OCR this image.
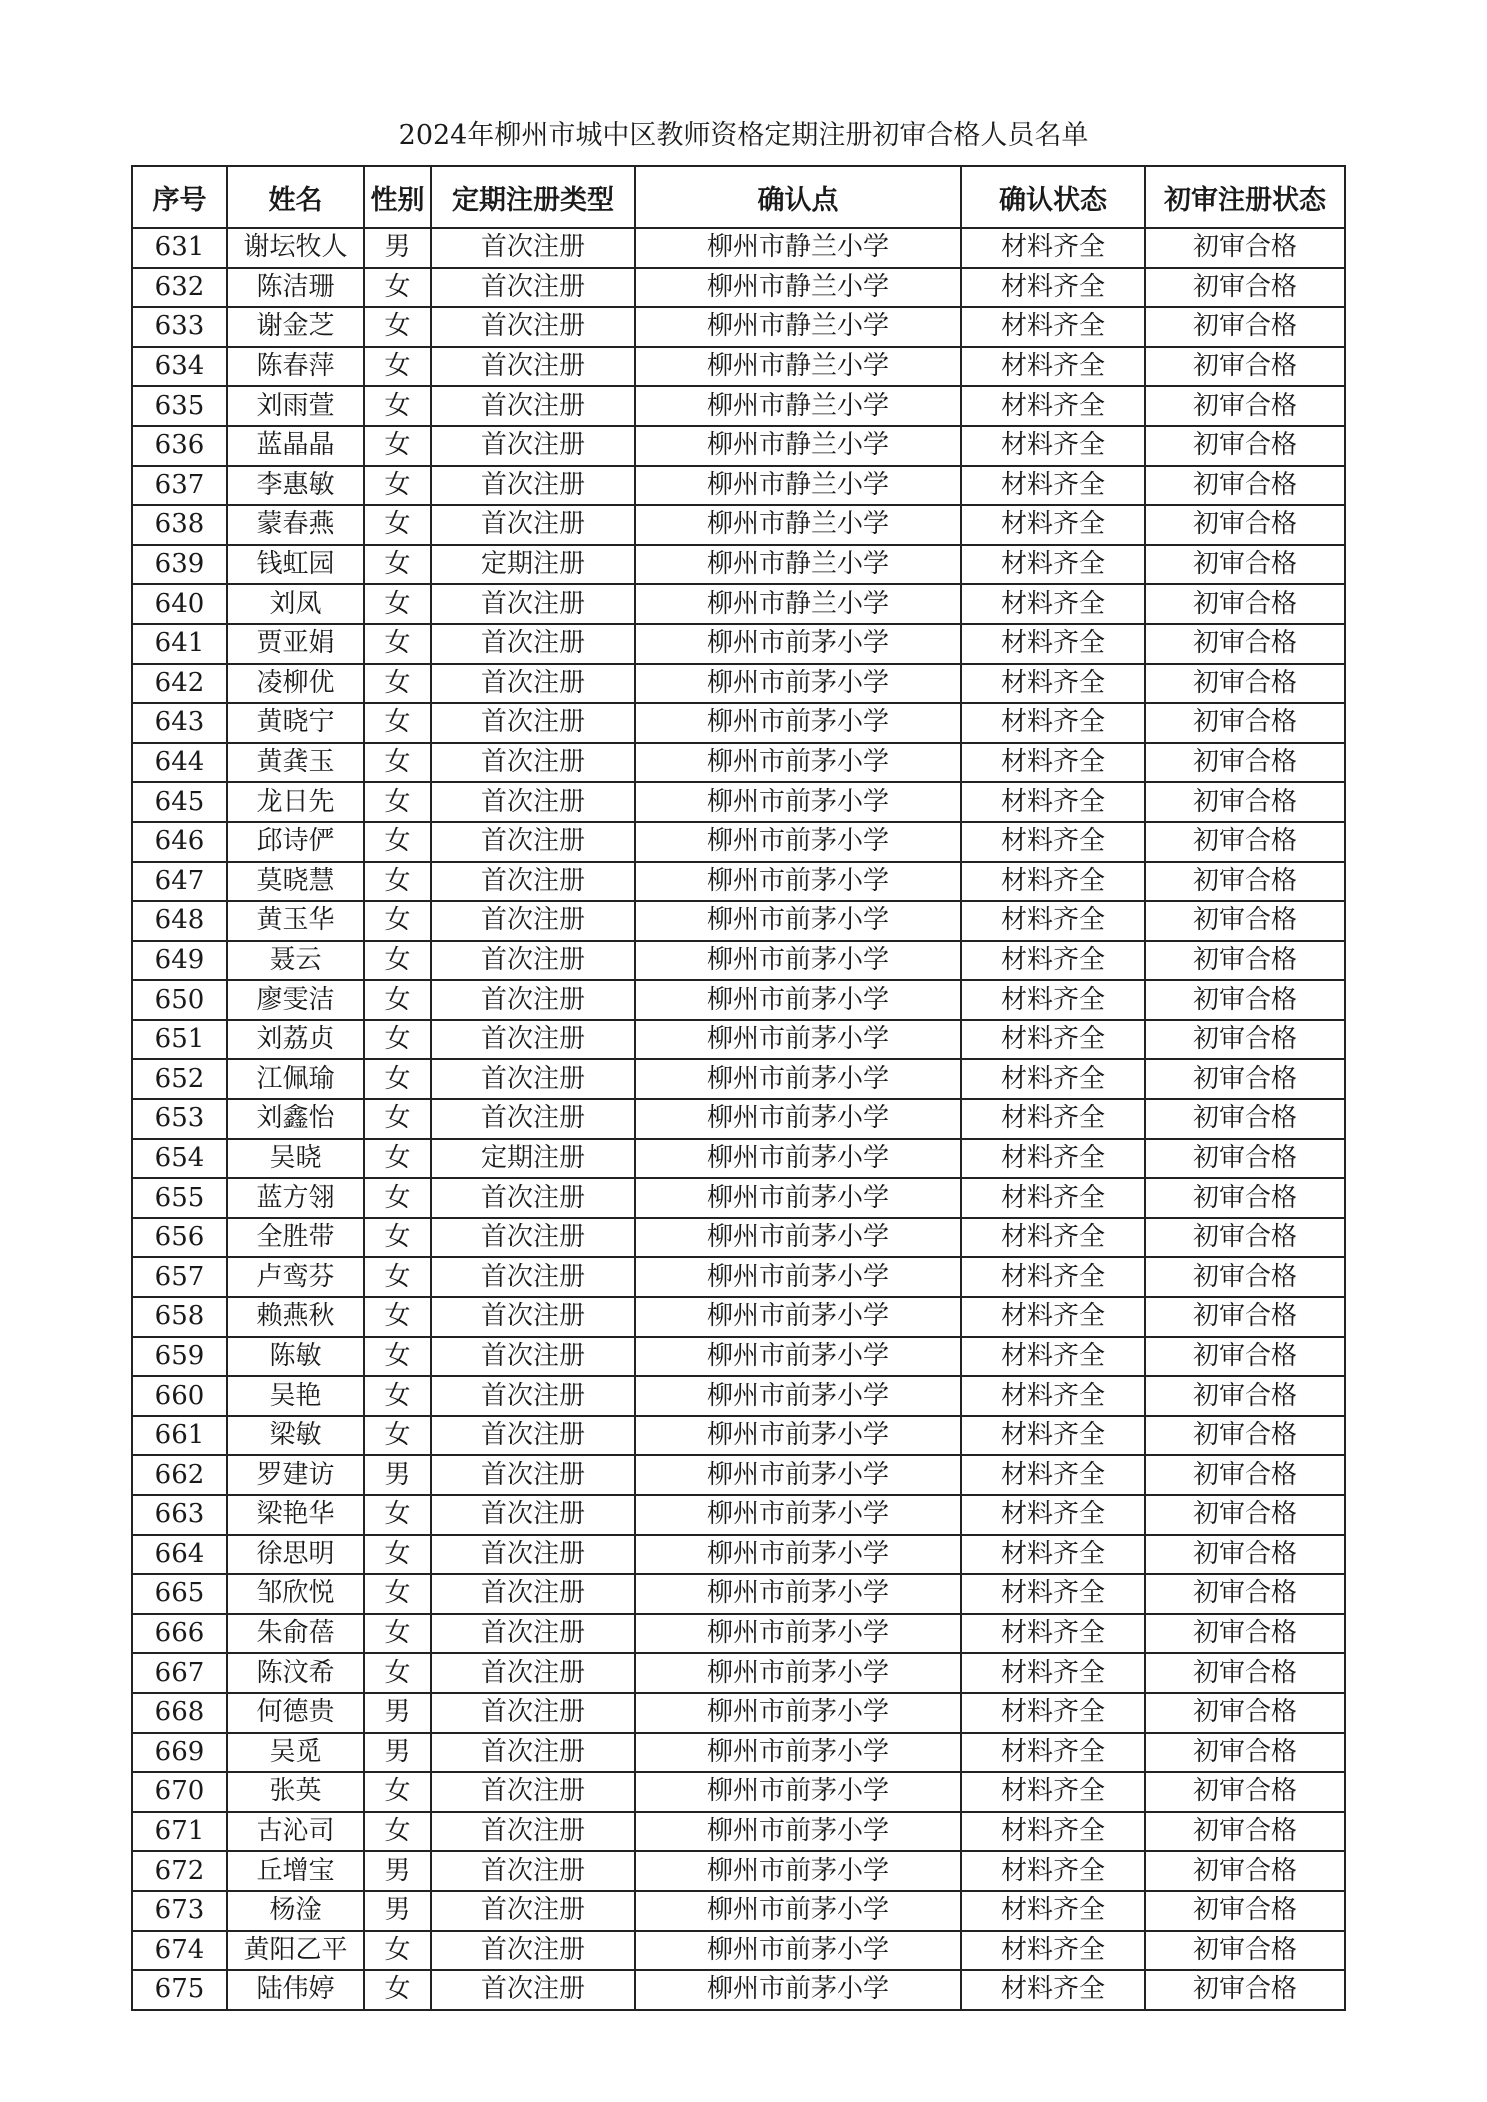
2024年柳州市城中区教师资格定期注册初审合格人员名单
序号	姓名	性别	定期注册类型	确认点	确认状态	初审注册状态
631	谢坛牧人	男	首次注册	柳州市静兰小学	材料齐全	初审合格
632	陈洁珊	女	首次注册	柳州市静兰小学	材料齐全	初审合格
633	谢金芝	女	首次注册	柳州市静兰小学	材料齐全	初审合格
634	陈春萍	女	首次注册	柳州市静兰小学	材料齐全	初审合格
635	刘雨萱	女	首次注册	柳州市静兰小学	材料齐全	初审合格
636	蓝晶晶	女	首次注册	柳州市静兰小学	材料齐全	初审合格
637	李惠敏	女	首次注册	柳州市静兰小学	材料齐全	初审合格
638	蒙春燕	女	首次注册	柳州市静兰小学	材料齐全	初审合格
639	钱虹园	女	定期注册	柳州市静兰小学	材料齐全	初审合格
640	刘凤	女	首次注册	柳州市静兰小学	材料齐全	初审合格
641	贾亚娟	女	首次注册	柳州市前茅小学	材料齐全	初审合格
642	凌柳优	女	首次注册	柳州市前茅小学	材料齐全	初审合格
643	黄晓宁	女	首次注册	柳州市前茅小学	材料齐全	初审合格
644	黄龚玉	女	首次注册	柳州市前茅小学	材料齐全	初审合格
645	龙日先	女	首次注册	柳州市前茅小学	材料齐全	初审合格
646	邱诗俨	女	首次注册	柳州市前茅小学	材料齐全	初审合格
647	莫晓慧	女	首次注册	柳州市前茅小学	材料齐全	初审合格
648	黄玉华	女	首次注册	柳州市前茅小学	材料齐全	初审合格
649	聂云	女	首次注册	柳州市前茅小学	材料齐全	初审合格
650	廖雯洁	女	首次注册	柳州市前茅小学	材料齐全	初审合格
651	刘荔贞	女	首次注册	柳州市前茅小学	材料齐全	初审合格
652	江佩瑜	女	首次注册	柳州市前茅小学	材料齐全	初审合格
653	刘鑫怡	女	首次注册	柳州市前茅小学	材料齐全	初审合格
654	吴晓	女	定期注册	柳州市前茅小学	材料齐全	初审合格
655	蓝方翎	女	首次注册	柳州市前茅小学	材料齐全	初审合格
656	全胜带	女	首次注册	柳州市前茅小学	材料齐全	初审合格
657	卢鸾芬	女	首次注册	柳州市前茅小学	材料齐全	初审合格
658	赖燕秋	女	首次注册	柳州市前茅小学	材料齐全	初审合格
659	陈敏	女	首次注册	柳州市前茅小学	材料齐全	初审合格
660	吴艳	女	首次注册	柳州市前茅小学	材料齐全	初审合格
661	梁敏	女	首次注册	柳州市前茅小学	材料齐全	初审合格
662	罗建访	男	首次注册	柳州市前茅小学	材料齐全	初审合格
663	梁艳华	女	首次注册	柳州市前茅小学	材料齐全	初审合格
664	徐思明	女	首次注册	柳州市前茅小学	材料齐全	初审合格
665	邹欣悦	女	首次注册	柳州市前茅小学	材料齐全	初审合格
666	朱俞蓓	女	首次注册	柳州市前茅小学	材料齐全	初审合格
667	陈汶希	女	首次注册	柳州市前茅小学	材料齐全	初审合格
668	何德贵	男	首次注册	柳州市前茅小学	材料齐全	初审合格
669	吴觅	男	首次注册	柳州市前茅小学	材料齐全	初审合格
670	张英	女	首次注册	柳州市前茅小学	材料齐全	初审合格
671	古沁司	女	首次注册	柳州市前茅小学	材料齐全	初审合格
672	丘增宝	男	首次注册	柳州市前茅小学	材料齐全	初审合格
673	杨淦	男	首次注册	柳州市前茅小学	材料齐全	初审合格
674	黄阳乙平	女	首次注册	柳州市前茅小学	材料齐全	初审合格
675	陆伟婷	女	首次注册	柳州市前茅小学	材料齐全	初审合格
